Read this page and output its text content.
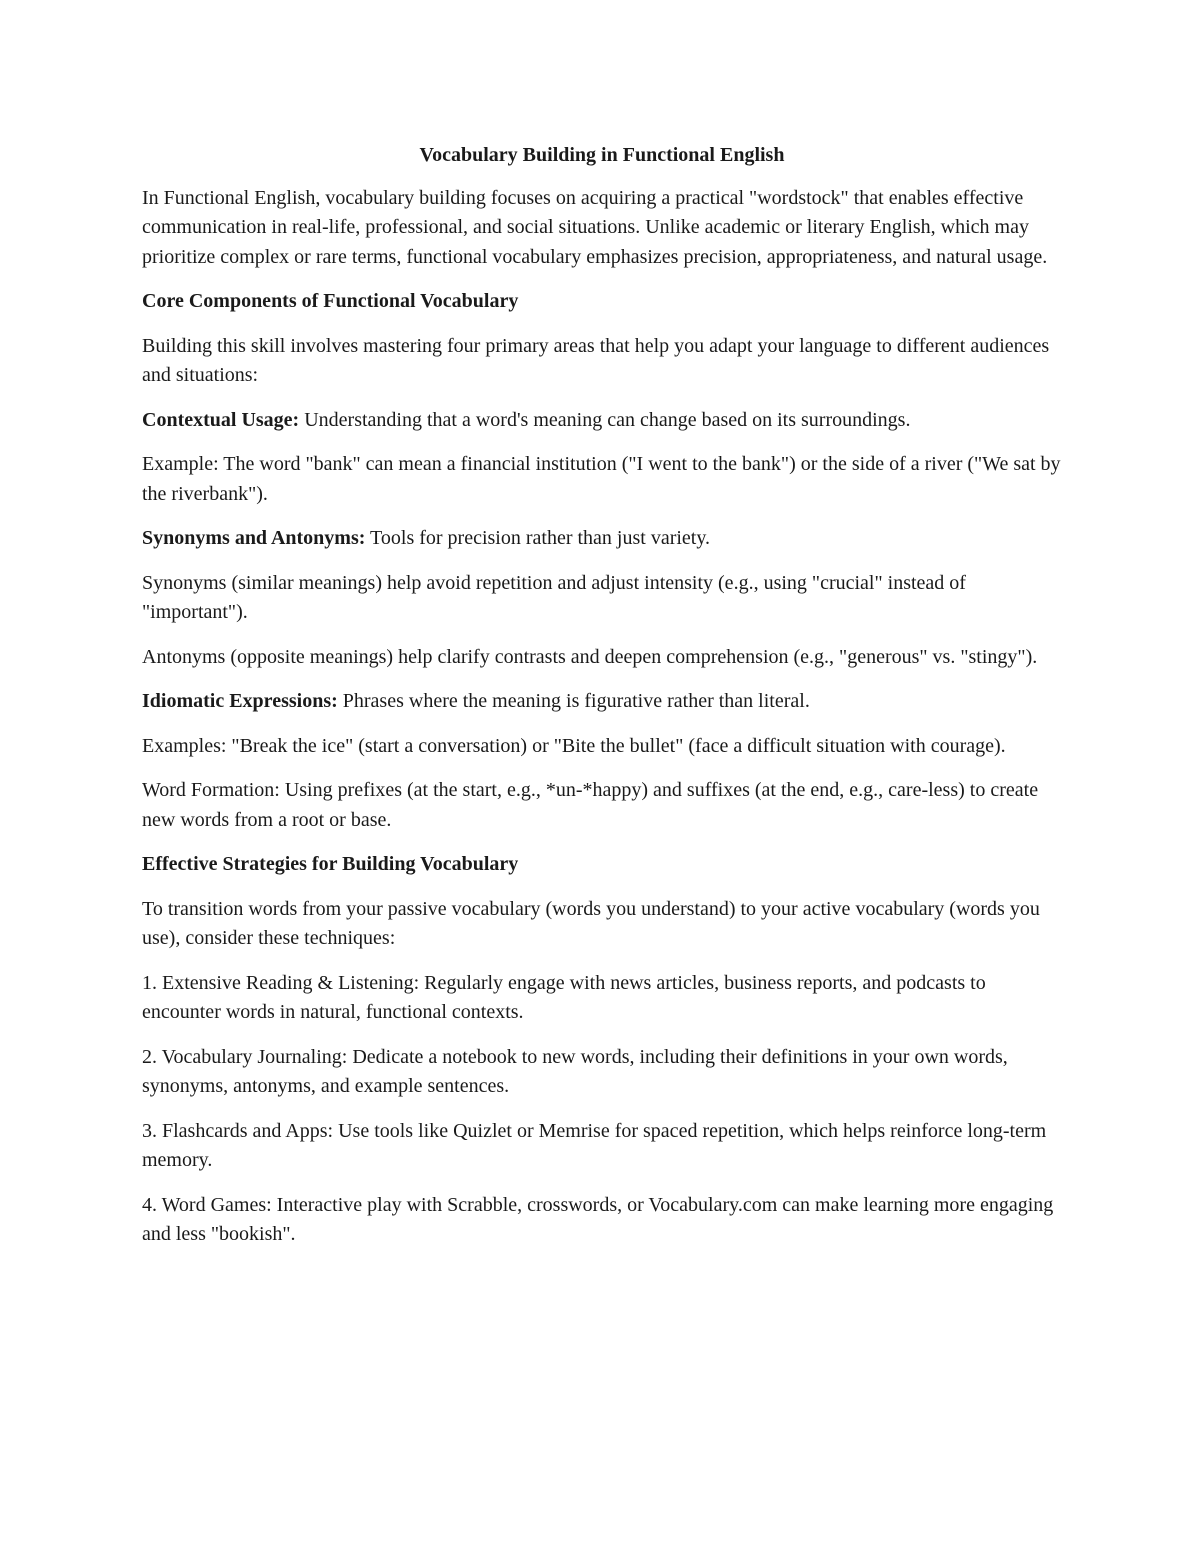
Vocabulary Building in Functional English

In Functional English, vocabulary building focuses on acquiring a practical "wordstock" that enables effective communication in real-life, professional, and social situations. Unlike academic or literary English, which may prioritize complex or rare terms, functional vocabulary emphasizes precision, appropriateness, and natural usage.

Core Components of Functional Vocabulary

Building this skill involves mastering four primary areas that help you adapt your language to different audiences and situations:

Contextual Usage: Understanding that a word's meaning can change based on its surroundings.

Example: The word "bank" can mean a financial institution ("I went to the bank") or the side of a river ("We sat by the riverbank").

Synonyms and Antonyms: Tools for precision rather than just variety.

Synonyms (similar meanings) help avoid repetition and adjust intensity (e.g., using "crucial" instead of "important").

Antonyms (opposite meanings) help clarify contrasts and deepen comprehension (e.g., "generous" vs. "stingy").

Idiomatic Expressions: Phrases where the meaning is figurative rather than literal.

Examples: "Break the ice" (start a conversation) or "Bite the bullet" (face a difficult situation with courage).

Word Formation: Using prefixes (at the start, e.g., *un-*happy) and suffixes (at the end, e.g., care-less) to create new words from a root or base.

Effective Strategies for Building Vocabulary

To transition words from your passive vocabulary (words you understand) to your active vocabulary (words you use), consider these techniques:

1. Extensive Reading & Listening: Regularly engage with news articles, business reports, and podcasts to encounter words in natural, functional contexts.

2. Vocabulary Journaling: Dedicate a notebook to new words, including their definitions in your own words, synonyms, antonyms, and example sentences.

3. Flashcards and Apps: Use tools like Quizlet or Memrise for spaced repetition, which helps reinforce long-term memory.

4. Word Games: Interactive play with Scrabble, crosswords, or Vocabulary.com can make learning more engaging and less "bookish".
